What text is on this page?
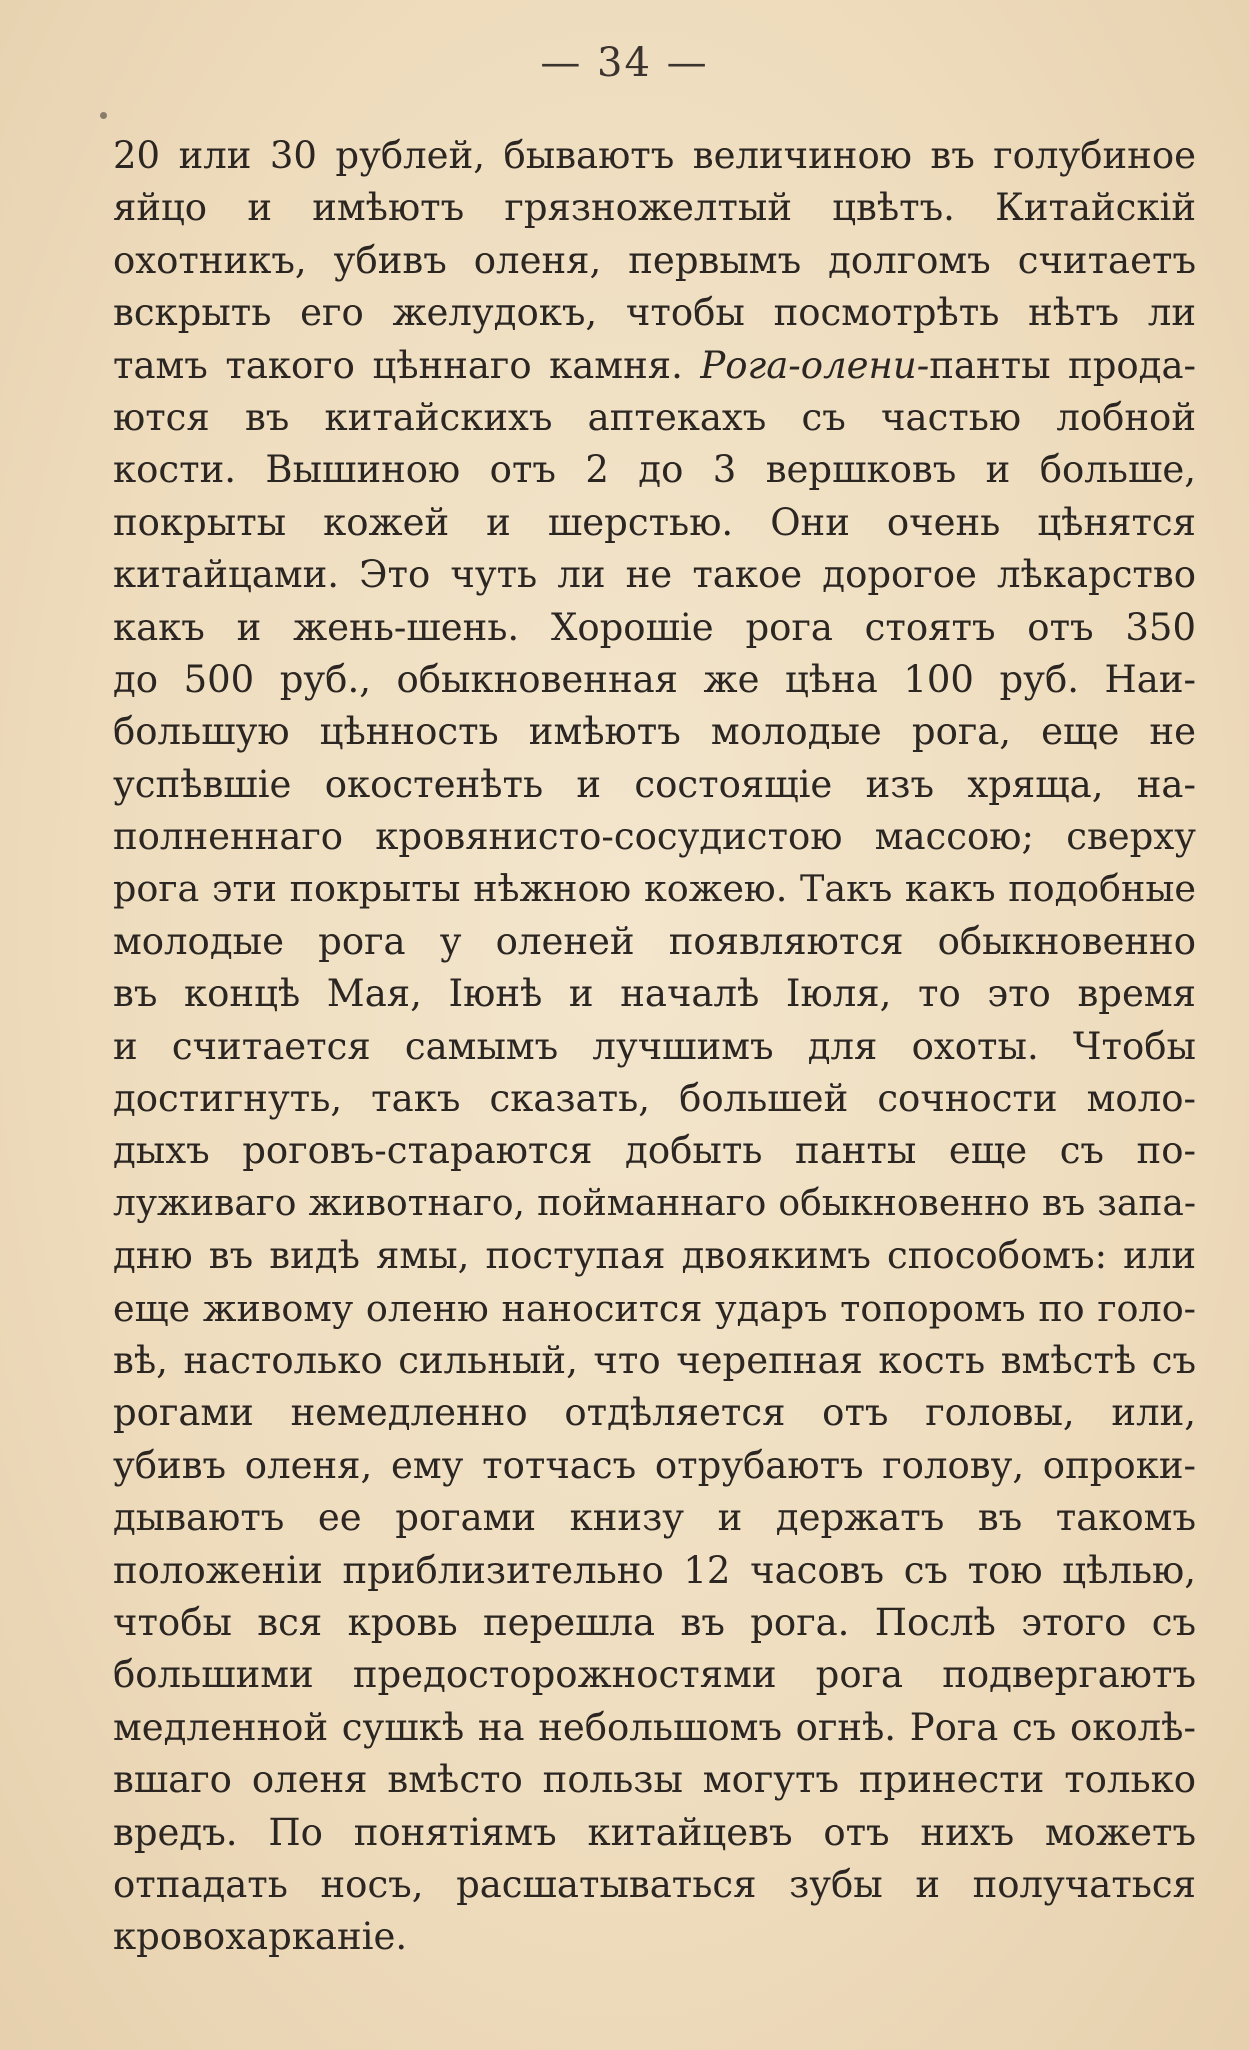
— 34 —
20 или 30 рублей, бываютъ величиною въ голубиное
яйцо и имѣютъ грязножелтый цвѣтъ. Китайскій
охотникъ, убивъ оленя, первымъ долгомъ считаетъ
вскрыть его желудокъ, чтобы посмотрѣть нѣтъ ли
тамъ такого цѣннаго камня. Рога-олени-панты прода-
ются въ китайскихъ аптекахъ съ частью лобной
кости. Вышиною отъ 2 до 3 вершковъ и больше,
покрыты кожей и шерстью. Они очень цѣнятся
китайцами. Это чуть ли не такое дорогое лѣкарство
какъ и жень-шень. Хорошіе рога стоятъ отъ 350
до 500 руб., обыкновенная же цѣна 100 руб. Наи-
большую цѣнность имѣютъ молодые рога, еще не
успѣвшіе окостенѣть и состоящіе изъ хряща, на-
полненнаго кровянисто-сосудистою массою; сверху
рога эти покрыты нѣжною кожею. Такъ какъ подобные
молодые рога у оленей появляются обыкновенно
въ концѣ Мая, Іюнѣ и началѣ Іюля, то это время
и считается самымъ лучшимъ для охоты. Чтобы
достигнуть, такъ сказать, большей сочности моло-
дыхъ роговъ-стараются добыть панты еще съ по-
луживаго животнаго, пойманнаго обыкновенно въ запа-
дню въ видѣ ямы, поступая двоякимъ способомъ: или
еще живому оленю наносится ударъ топоромъ по голо-
вѣ, настолько сильный, что черепная кость вмѣстѣ съ
рогами немедленно отдѣляется отъ головы, или,
убивъ оленя, ему тотчасъ отрубаютъ голову, опроки-
дываютъ ее рогами книзу и держатъ въ такомъ
положеніи приблизительно 12 часовъ съ тою цѣлью,
чтобы вся кровь перешла въ рога. Послѣ этого съ
большими предосторожностями рога подвергаютъ
медленной сушкѣ на небольшомъ огнѣ. Рога съ околѣ-
вшаго оленя вмѣсто пользы могутъ принести только
вредъ. По понятіямъ китайцевъ отъ нихъ можетъ
отпадать носъ, расшатываться зубы и получаться
кровохарканіе.
